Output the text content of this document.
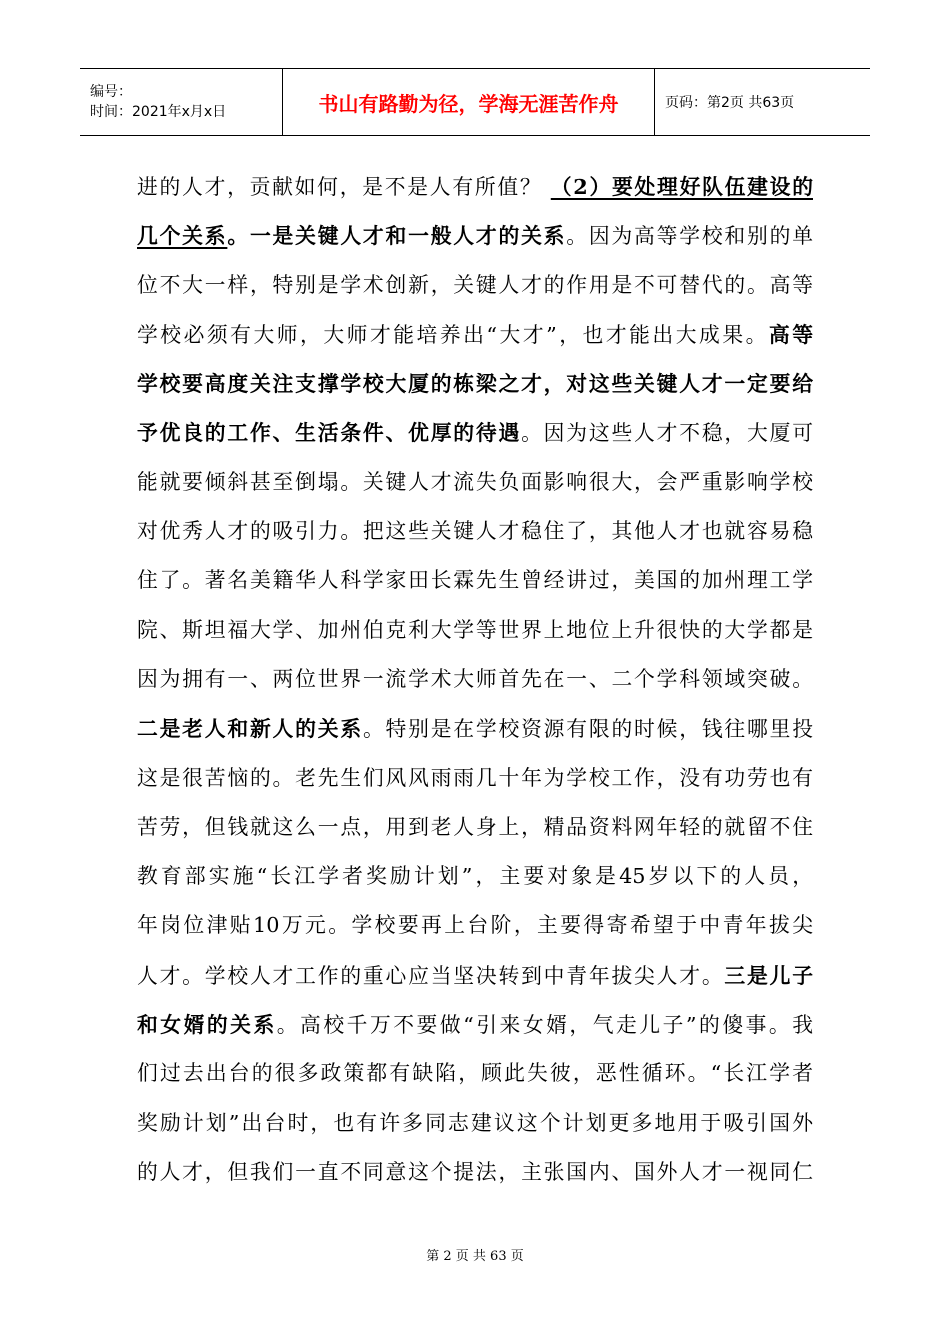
编号：
时间：2021年x月x日	书山有路勤为径，学海无涯苦作舟	页码：第2页 共63页
进的人才，贡献如何，是不是人有所值？ （2）要处理好队伍建设的
几个关系。一是关键人才和一般人才的关系。因为高等学校和别的单
位不大一样，特别是学术创新，关键人才的作用是不可替代的。高等
学校必须有大师，大师才能培养出“大才”，也才能出大成果。高等
学校要高度关注支撑学校大厦的栋梁之才，对这些关键人才一定要给
予优良的工作、生活条件、优厚的待遇。因为这些人才不稳，大厦可
能就要倾斜甚至倒塌。关键人才流失负面影响很大，会严重影响学校
对优秀人才的吸引力。把这些关键人才稳住了，其他人才也就容易稳
住了。著名美籍华人科学家田长霖先生曾经讲过，美国的加州理工学
院、斯坦福大学、加州伯克利大学等世界上地位上升很快的大学都是
因为拥有一、两位世界一流学术大师首先在一、二个学科领域突破。
二是老人和新人的关系。特别是在学校资源有限的时候，钱往哪里投
这是很苦恼的。老先生们风风雨雨几十年为学校工作，没有功劳也有
苦劳，但钱就这么一点，用到老人身上，精品资料网年轻的就留不住
教育部实施“长江学者奖励计划”，主要对象是45岁以下的人员，
年岗位津贴10万元。学校要再上台阶，主要得寄希望于中青年拔尖
人才。学校人才工作的重心应当坚决转到中青年拔尖人才。三是儿子
和女婿的关系。高校千万不要做“引来女婿，气走儿子”的傻事。我
们过去出台的很多政策都有缺陷，顾此失彼，恶性循环。“长江学者
奖励计划”出台时，也有许多同志建议这个计划更多地用于吸引国外
的人才，但我们一直不同意这个提法，主张国内、国外人才一视同仁
第 2 页 共 63 页
